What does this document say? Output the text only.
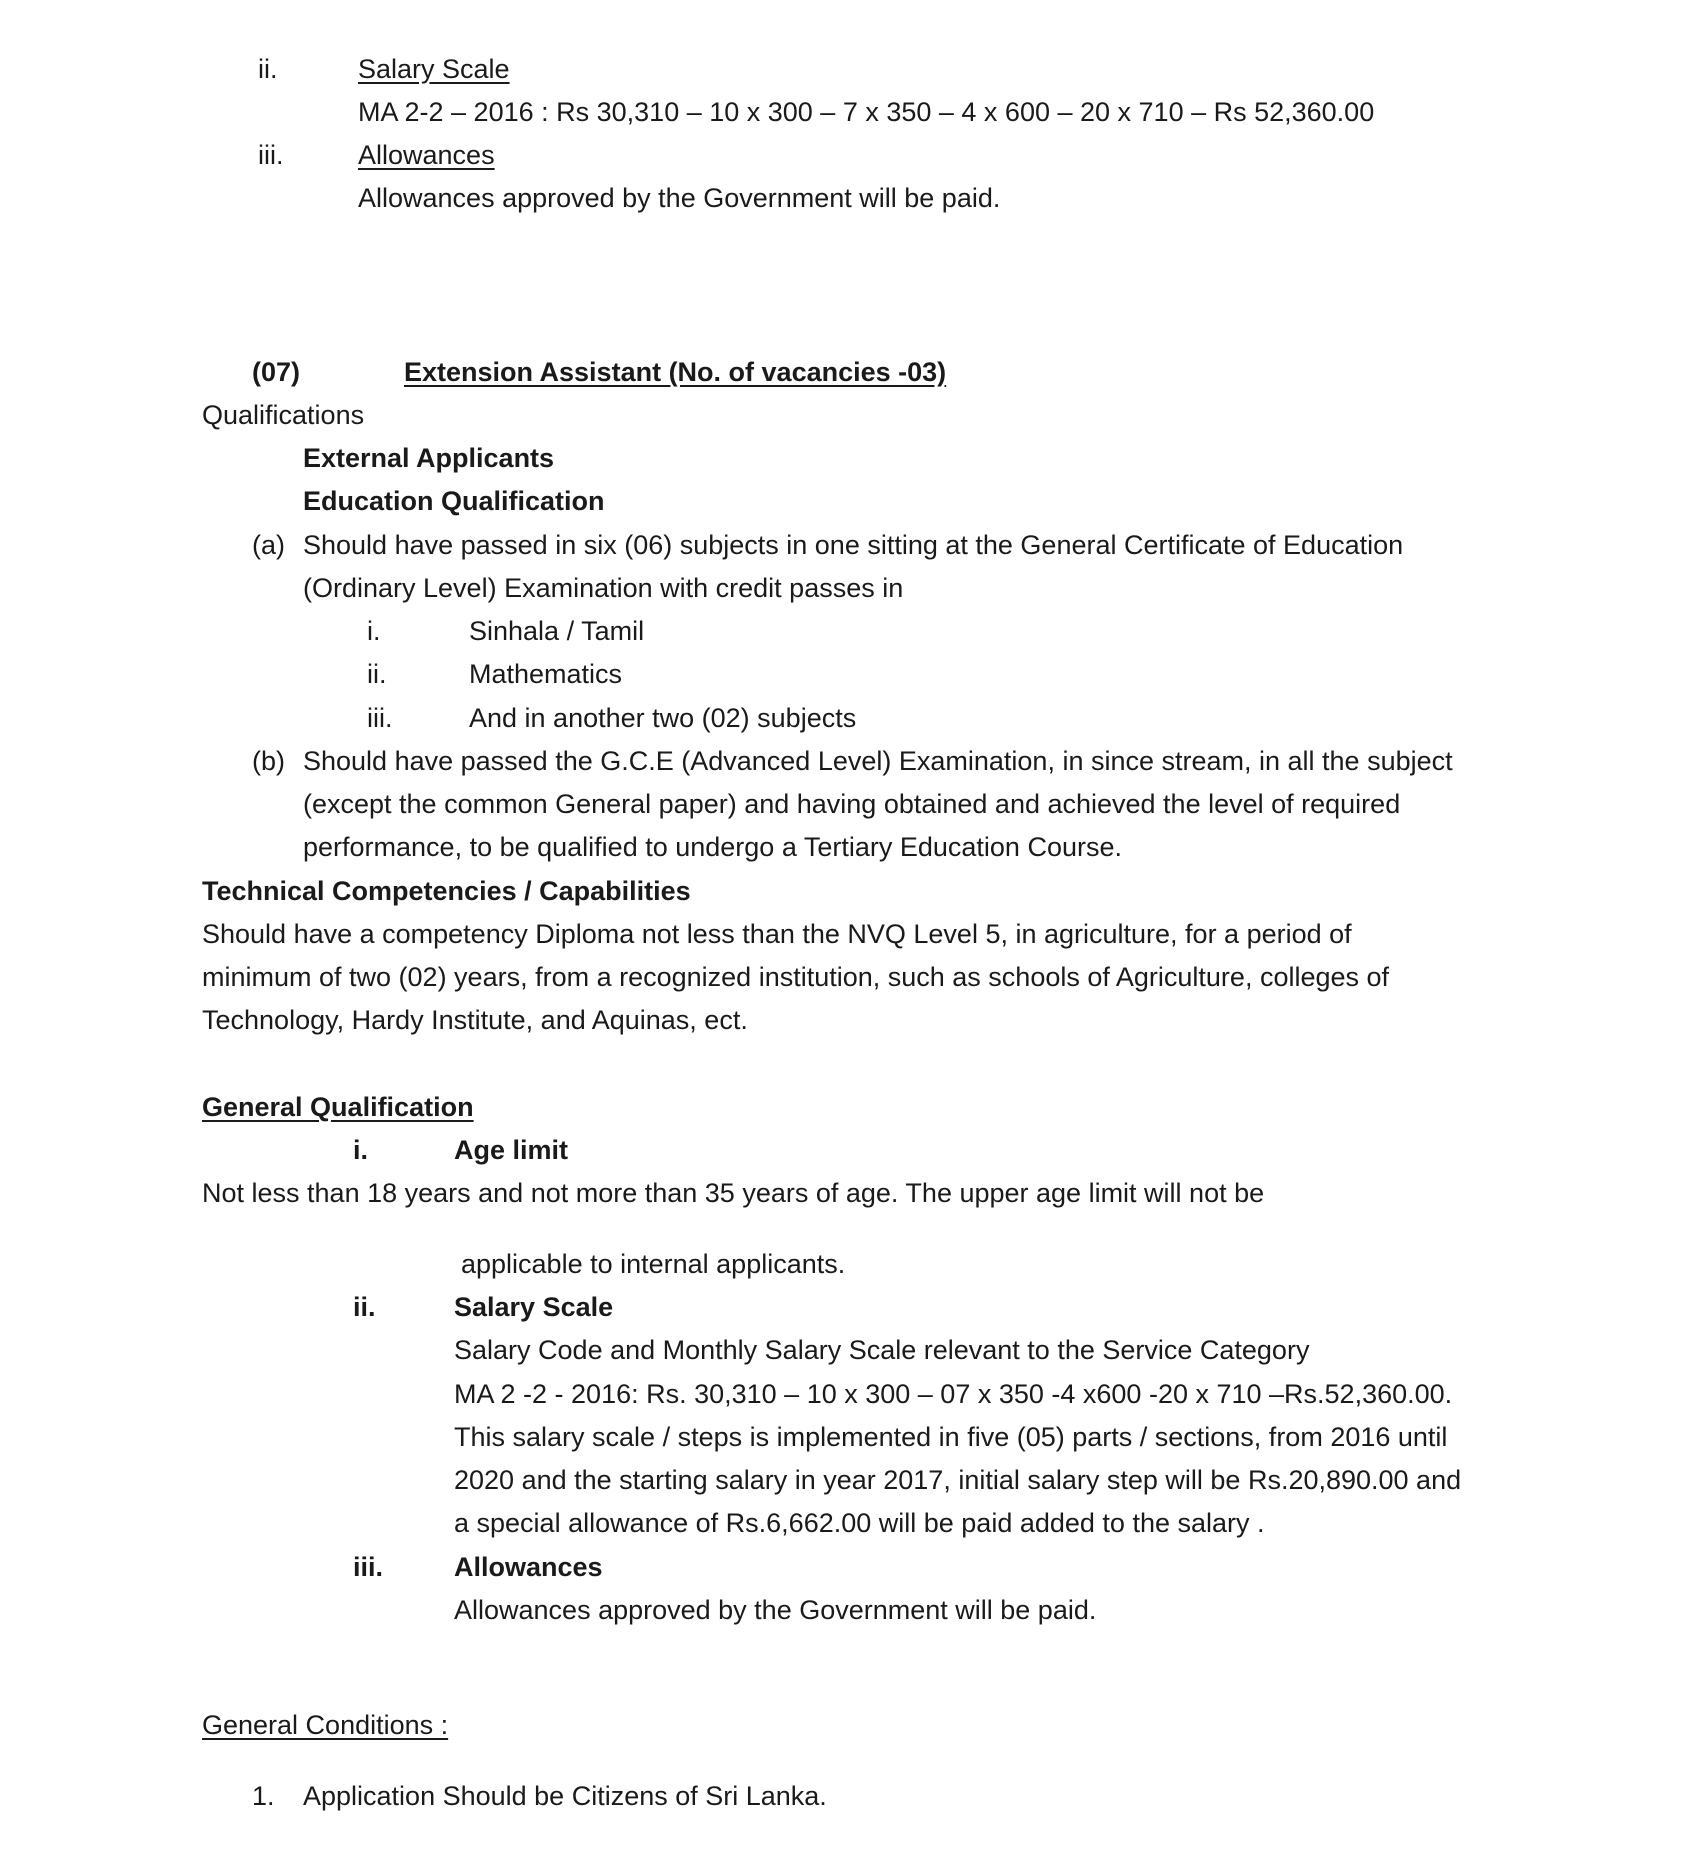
ii.	Salary Scale
MA 2-2 – 2016 : Rs 30,310 – 10 x 300 – 7 x 350 – 4 x 600 – 20 x 710 – Rs 52,360.00
iii.	Allowances
Allowances approved by the Government will be paid.
(07)	Extension Assistant (No. of vacancies -03)
Qualifications
External Applicants
Education Qualification
(a) Should have passed in six (06) subjects in one sitting at the General Certificate of Education
(Ordinary Level) Examination with credit passes in
i.	Sinhala / Tamil
ii.	Mathematics
iii.	And in another two (02) subjects
(b) Should have passed the G.C.E (Advanced Level) Examination, in since stream, in all the subject
(except the common General paper) and having obtained and achieved the level of required
performance, to be qualified to undergo a Tertiary Education Course.
Technical Competencies / Capabilities
Should have a competency Diploma not less than the NVQ Level 5, in agriculture, for a period of
minimum of two (02) years, from a recognized institution, such as schools of Agriculture, colleges of
Technology, Hardy Institute, and Aquinas, ect.
General Qualification
i.	Age limit
Not less than 18 years and not more than 35 years of age. The upper age limit will not be
applicable to internal applicants.
ii.	Salary Scale
Salary Code and Monthly Salary Scale relevant to the Service Category
MA 2 -2 - 2016: Rs. 30,310 – 10 x 300 – 07 x 350 -4 x600 -20 x 710 –Rs.52,360.00.
This salary scale / steps is implemented in five (05) parts / sections, from 2016 until
2020 and the starting salary in year 2017, initial salary step will be Rs.20,890.00 and
a special allowance of Rs.6,662.00 will be paid added to the salary .
iii.	Allowances
Allowances approved by the Government will be paid.
General Conditions :
1. Application Should be Citizens of Sri Lanka.
